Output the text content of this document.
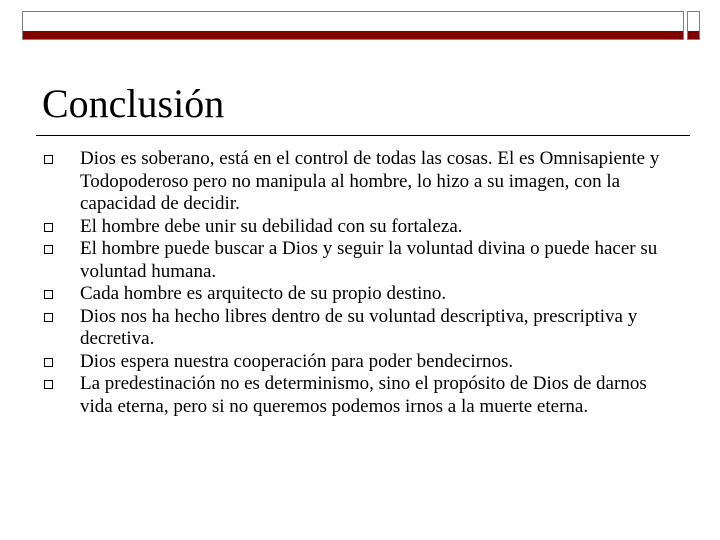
Conclusión
Dios es soberano, está en el control de todas las cosas. El es Omnisapiente y Todopoderoso pero no manipula al hombre, lo hizo a su imagen, con la capacidad de decidir.
El hombre debe unir su debilidad con su fortaleza.
El hombre puede buscar a Dios y seguir la voluntad divina o puede hacer su voluntad humana.
Cada hombre es arquitecto de su propio destino.
Dios nos ha hecho libres dentro de su voluntad descriptiva, prescriptiva y decretiva.
Dios espera nuestra cooperación para poder bendecirnos.
La predestinación no es determinismo, sino el propósito de Dios de darnos vida eterna, pero si no queremos podemos irnos a la muerte eterna.
